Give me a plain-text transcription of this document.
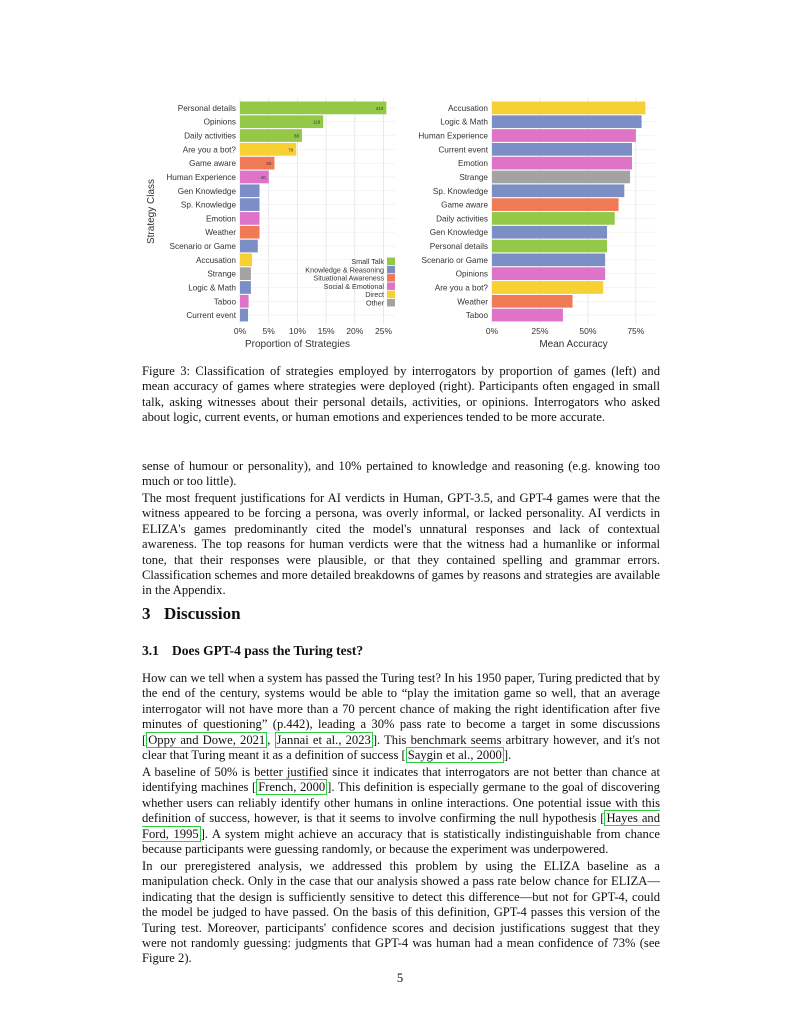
0% 5% 10% 15% 20% 25%
Personal details	210
Opinions	119
Daily activities	88
Are you a bot?	79
Game aware	50
Human Experience	40
Gen Knowledge
Sp. Knowledge
Emotion
Weather
Scenario or Game
Accusation
Strange
Logic & Math
Taboo
Current event
Proportion of Strategies
Strategy Class
Small Talk
Knowledge & Reasoning
Situational Awareness
Social & Emotional
Direct
Other
0%	25%	50%	75%
Accusation
Logic & Math
Human Experience
Current event
Emotion
Strange
Sp. Knowledge
Game aware
Daily activities
Gen Knowledge
Personal details
Scenario or Game
Opinions
Are you a bot?
Weather
Taboo
Mean Accuracy
Figure 3: Classification of strategies employed by interrogators by proportion of games (left) and mean accuracy of games where strategies were deployed (right). Participants often engaged in small talk, asking witnesses about their personal details, activities, or opinions. Interrogators who asked about logic, current events, or human emotions and experiences tended to be more accurate.

sense of humour or personality), and 10% pertained to knowledge and reasoning (e.g. knowing too much or too little).

The most frequent justifications for AI verdicts in Human, GPT-3.5, and GPT-4 games were that the witness appeared to be forcing a persona, was overly informal, or lacked personality. AI verdicts in ELIZA's games predominantly cited the model's unnatural responses and lack of contextual awareness. The top reasons for human verdicts were that the witness had a humanlike or informal tone, that their responses were plausible, or that they contained spelling and grammar errors. Classification schemes and more detailed breakdowns of games by reasons and strategies are available in the Appendix.

3 Discussion
3.1 Does GPT-4 pass the Turing test?

How can we tell when a system has passed the Turing test? In his 1950 paper, Turing predicted that by the end of the century, systems would be able to “play the imitation game so well, that an average interrogator will not have more than a 70 percent chance of making the right identification after five minutes of questioning” (p.442), leading a 30% pass rate to become a target in some discussions [ Oppy and Dowe, 2021 , Jannai et al., 2023 ]. This benchmark seems arbitrary however, and it's not clear that Turing meant it as a definition of success [ Saygin et al., 2000 ].

A baseline of 50% is better justified since it indicates that interrogators are not better than chance at identifying machines [ French, 2000 ]. This definition is especially germane to the goal of discovering whether users can reliably identify other humans in online interactions. One potential issue with this definition of success, however, is that it seems to involve confirming the null hypothesis [ Hayes and Ford, 1995 ]. A system might achieve an accuracy that is statistically indistinguishable from chance because participants were guessing randomly, or because the experiment was underpowered.

In our preregistered analysis, we addressed this problem by using the ELIZA baseline as a manipulation check. Only in the case that our analysis showed a pass rate below chance for ELIZA—indicating that the design is sufficiently sensitive to detect this difference—but not for GPT-4, could the model be judged to have passed. On the basis of this definition, GPT-4 passes this version of the Turing test. Moreover, participants' confidence scores and decision justifications suggest that they were not randomly guessing: judgments that GPT-4 was human had a mean confidence of 73% (see Figure 2).

5
